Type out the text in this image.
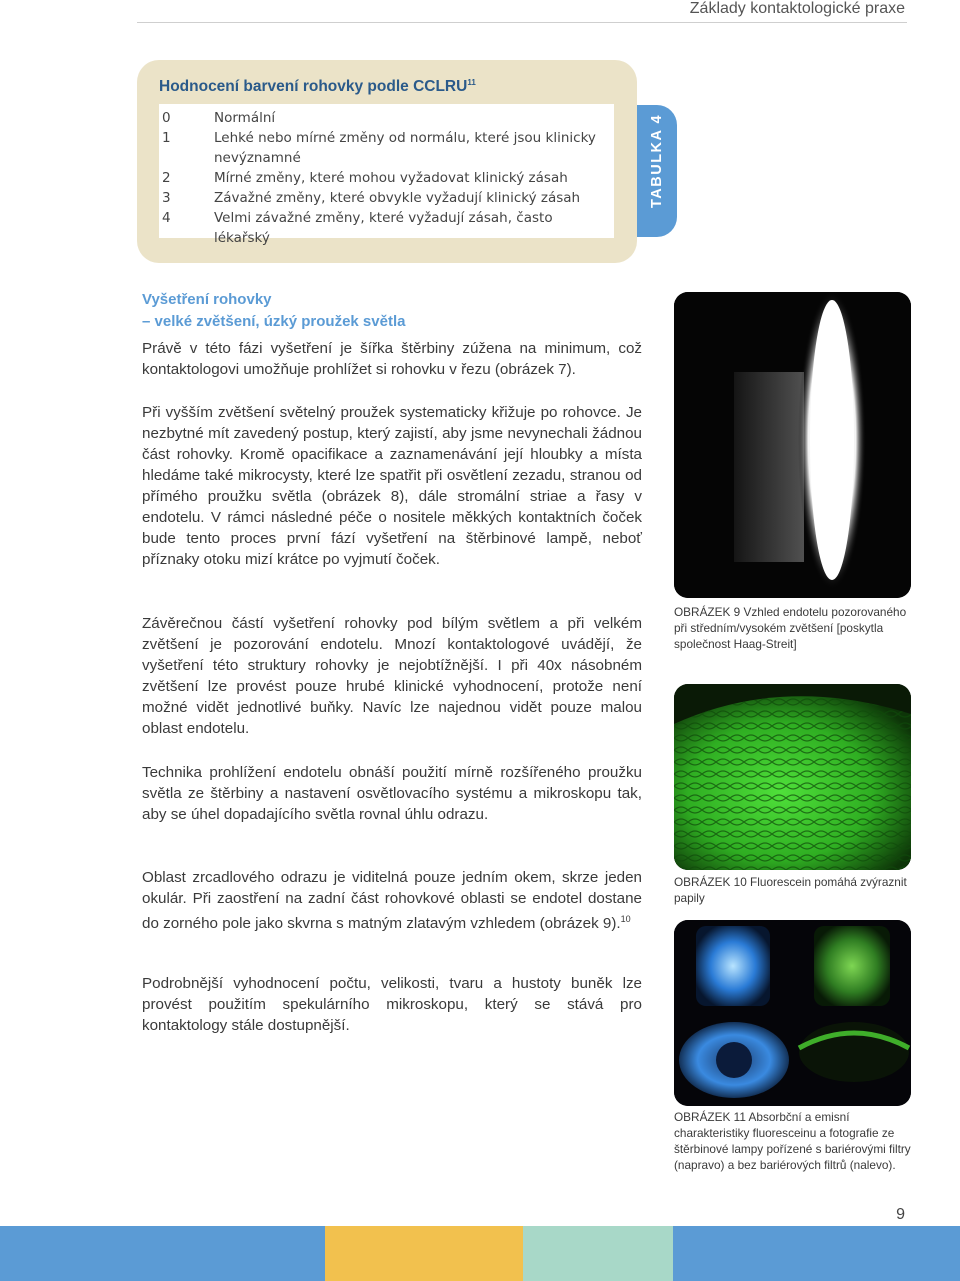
Základy kontaktologické praxe
Hodnocení barvení rohovky podle CCLRU$^{11}$
0	Normální
1	Lehké nebo mírné změny od normálu, které jsou klinicky
nevýznamné
2	Mírné změny, které mohou vyžadovat klinický zásah
3	Závažné změny, které obvykle vyžadují klinický zásah
4	Velmi závažné změny, které vyžadují zásah, často lékařský
TABULKA 4
Vyšetření rohovky
– velké zvětšení, úzký proužek světla
Právě v této fázi vyšetření je šířka štěrbiny zúžena na minimum, což kontaktologovi umožňuje prohlížet si rohovku v řezu (obrázek 7).
Při vyšším zvětšení světelný proužek systematicky křižuje po rohovce. Je nezbytné mít zavedený postup, který zajistí, aby jsme nevynechali žádnou část rohovky. Kromě opacifikace a zaznamenávání její hloubky a místa hledáme také mikrocysty, které lze spatřit při osvětlení zezadu, stranou od přímého proužku světla (obrázek 8), dále stromální striae a řasy v endotelu. V rámci následné péče o nositele měkkých kontaktních čoček bude tento proces první fází vyšetření na štěrbinové lampě, neboť příznaky otoku mizí krátce po vyjmutí čoček.
Závěrečnou částí vyšetření rohovky pod bílým světlem a při velkém zvětšení je pozorování endotelu. Mnozí kontaktologové uvádějí, že vyšetření této struktury rohovky je nejobtížnější. I při 40x násobném zvětšení lze provést pouze hrubé klinické vyhodnocení, protože není možné vidět jednotlivé buňky. Navíc lze najednou vidět pouze malou oblast endotelu.
Technika prohlížení endotelu obnáší použití mírně rozšířeného proužku světla ze štěrbiny a nastavení osvětlovacího systému a mikroskopu tak, aby se úhel dopadajícího světla rovnal úhlu odrazu.
Oblast zrcadlového odrazu je viditelná pouze jedním okem, skrze jeden okulár. Při zaostření na zadní část rohovkové oblasti se endotel dostane do zorného pole jako skvrna s matným zlatavým vzhledem (obrázek 9).$^{10}$
Podrobnější vyhodnocení počtu, velikosti, tvaru a hustoty buněk lze provést použitím spekulárního mikroskopu, který se stává pro kontaktology stále dostupnější.
OBRÁZEK 9 Vzhled endotelu pozorovaného při středním/vysokém zvětšení [poskytla společnost Haag-Streit]
OBRÁZEK 10 Fluorescein pomáhá zvýraznit papily
OBRÁZEK 11 Absorbční a emisní charakteristiky fluoresceinu a fotografie ze štěrbinové lampy pořízené s bariérovými filtry (napravo) a bez bariérových filtrů (nalevo).
9
